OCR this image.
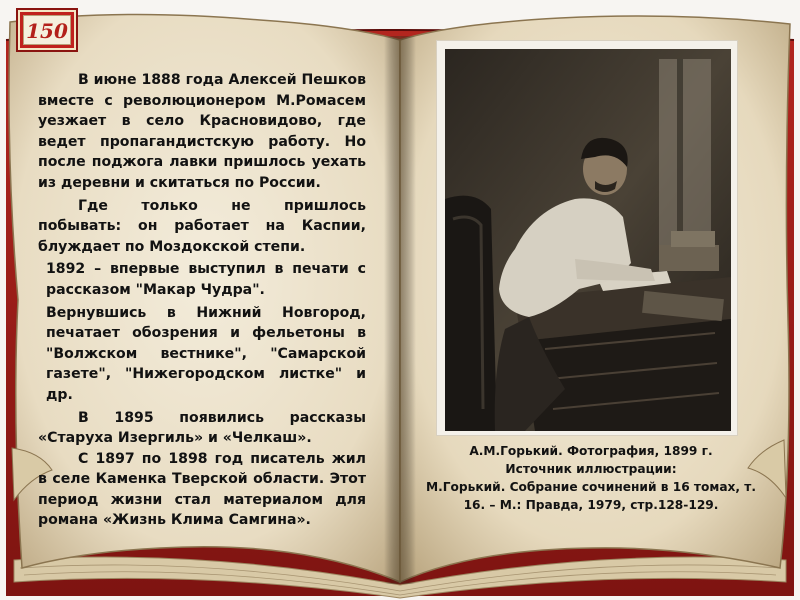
150

В июне 1888 года Алексей Пешков вместе с революционером М.Ромасем уезжает в село Красновидово, где ведет пропагандистскую работу. Но после поджога лавки пришлось уехать из деревни и скитаться по России.

Где только не пришлось побывать: он работает на Каспии, блуждает по Моздокской степи.

1892 – впервые выступил в печати с рассказом "Макар Чудра".

Вернувшись в Нижний Новгород, печатает обозрения и фельетоны в "Волжском вестнике", "Самарской газете", "Нижегородском листке" и др.

В 1895 появились рассказы «Старуха Изергиль» и «Челкаш».

С 1897 по 1898 год писатель жил в селе Каменка Тверской области. Этот период жизни стал материалом для романа «Жизнь Клима Самгина».

А.М.Горький. Фотография, 1899 г.
Источник иллюстрации:
М.Горький. Собрание сочинений в 16 томах, т.
16. – М.: Правда, 1979, стр.128-129.
